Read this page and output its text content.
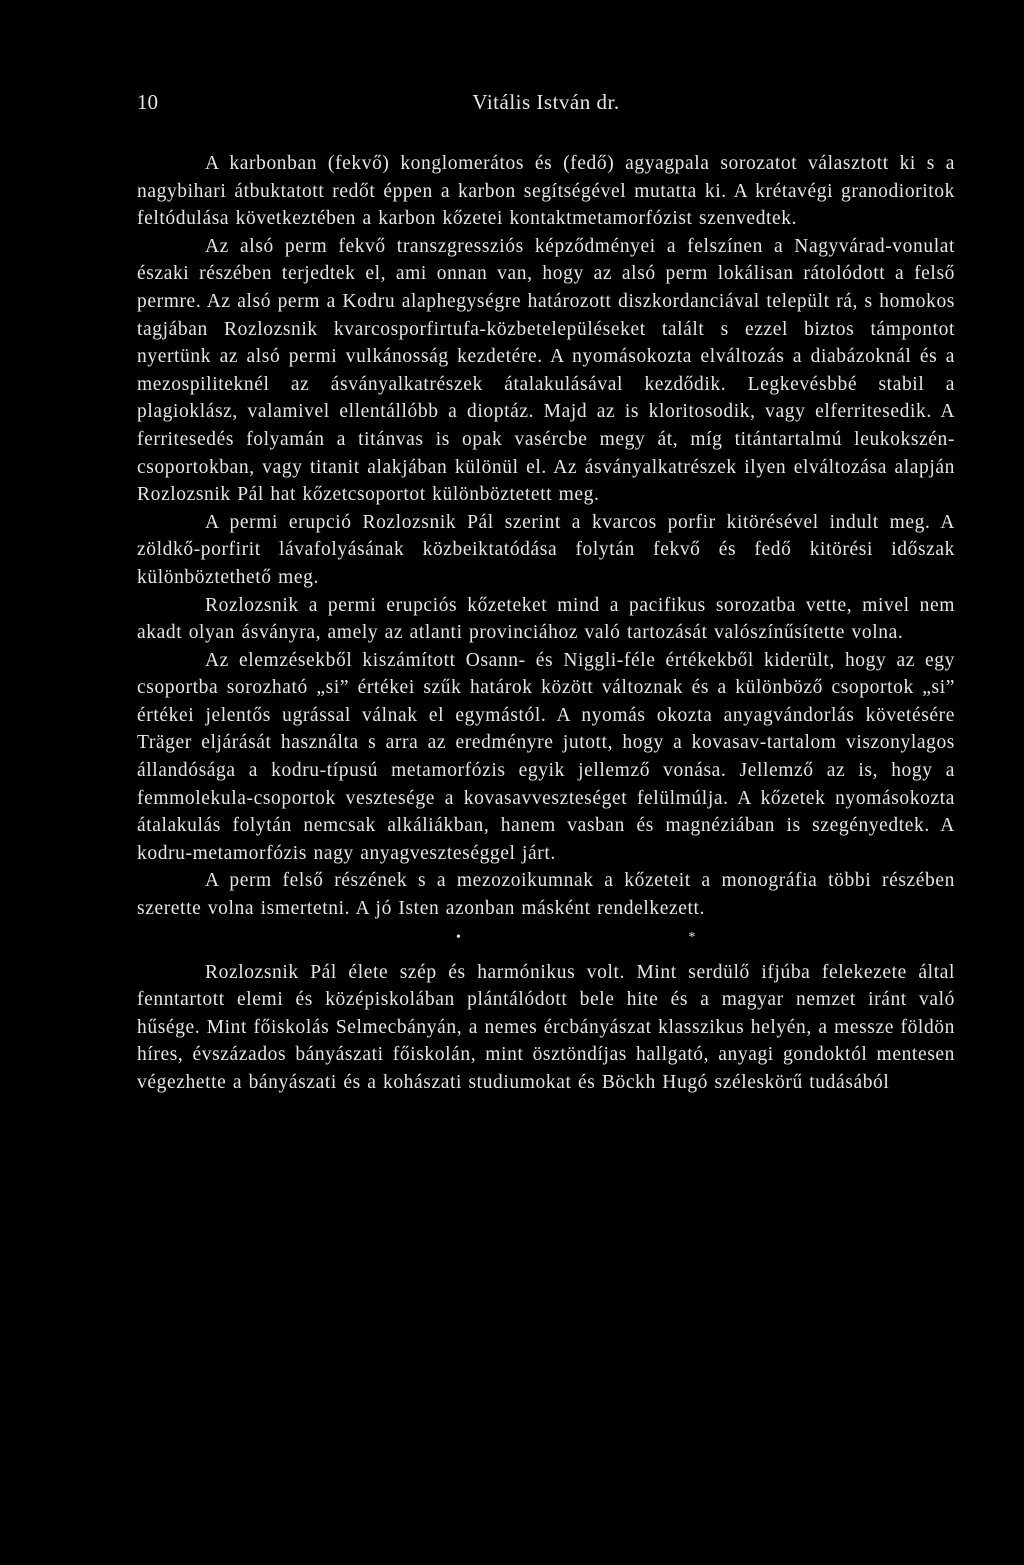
10	Vitális István dr.

A karbonban (fekvő) konglomerátos és (fedő) agyagpala sorozatot választott ki s a nagybihari átbuktatott redőt éppen a karbon segítségével mutatta ki. A krétavégi granodioritok feltódulása következtében a karbon kőzetei kontaktmetamorfózist szenvedtek.

Az alsó perm fekvő transzgressziós képződményei a felszínen a Nagyvárad-vonulat északi részében terjedtek el, ami onnan van, hogy az alsó perm lokálisan rátolódott a felső permre. Az alsó perm a Kodru alaphegységre határozott diszkordanciával települt rá, s homokos tagjában Rozlozsnik kvarcosporfirtufa-közbetelepüléseket talált s ezzel biztos támpontot nyertünk az alsó permi vulkánosság kezdetére. A nyomásokozta elváltozás a diabázoknál és a mezospiliteknél az ásványalkatrészek átalakulásával kezdődik. Legkevésbbé stabil a plagioklász, valamivel ellentállóbb a dioptáz. Majd az is kloritosodik, vagy elferritesedik. A ferritesedés folyamán a titánvas is opak vasércbe megy át, míg titántartalmú leukokszén-csoportokban, vagy titanit alakjában különül el. Az ásványalkatrészek ilyen elváltozása alapján Rozlozsnik Pál hat kőzetcsoportot különböztetett meg.

A permi erupció Rozlozsnik Pál szerint a kvarcos porfir kitörésével indult meg. A zöldkő-porfirit lávafolyásának közbeiktatódása folytán fekvő és fedő kitörési időszak különböztethető meg.

Rozlozsnik a permi erupciós kőzeteket mind a pacifikus sorozatba vette, mivel nem akadt olyan ásványra, amely az atlanti provinciához való tartozását valószínűsítette volna.

Az elemzésekből kiszámított Osann- és Niggli-féle értékekből kiderült, hogy az egy csoportba sorozható „si” értékei szűk határok között változnak és a különböző csoportok „si” értékei jelentős ugrással válnak el egymástól. A nyomás okozta anyagvándorlás követésére Träger eljárását használta s arra az eredményre jutott, hogy a kovasav-tartalom viszonylagos állandósága a kodru-típusú metamorfózis egyik jellemző vonása. Jellemző az is, hogy a femmolekula-csoportok vesztesége a kovasavveszteséget felülmúlja. A kőzetek nyomásokozta átalakulás folytán nemcsak alkáliákban, hanem vasban és magnéziában is szegényedtek. A kodru-metamorfózis nagy anyagveszteséggel járt.

A perm felső részének s a mezozoikumnak a kőzeteit a monográfia többi részében szerette volna ismertetni. A jó Isten azonban másként rendelkezett.

•	*

Rozlozsnik Pál élete szép és harmónikus volt. Mint serdülő ifjúba felekezete által fenntartott elemi és középiskolában plántálódott bele hite és a magyar nemzet iránt való hűsége. Mint főiskolás Selmecbányán, a nemes ércbányászat klasszikus helyén, a messze földön híres, évszázados bányászati főiskolán, mint ösztöndíjas hallgató, anyagi gondoktól mentesen végezhette a bányászati és a kohászati studiumokat és Böckh Hugó széleskörű tudásából
